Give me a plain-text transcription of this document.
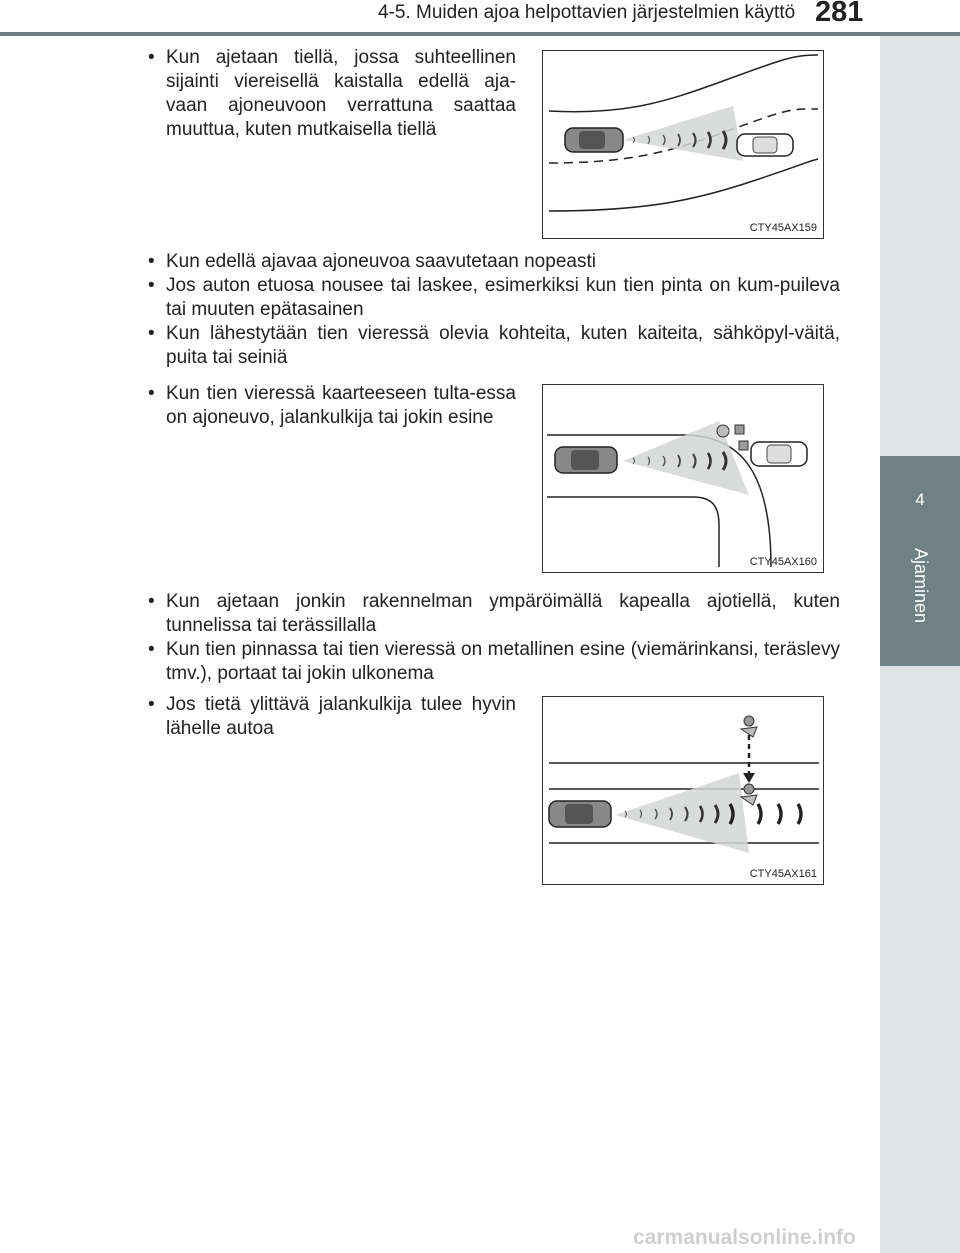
4-5. Muiden ajoa helpottavien järjestelmien käyttö 281
4
Ajaminen
• Kun ajetaan tiellä, jossa suhteellinen sijainti viereisellä kaistalla edellä aja-vaan ajoneuvoon verrattuna saattaa muuttua, kuten mutkaisella tiellä
CTY45AX159
• Kun edellä ajavaa ajoneuvoa saavutetaan nopeasti
• Jos auton etuosa nousee tai laskee, esimerkiksi kun tien pinta on kum-puileva tai muuten epätasainen
• Kun lähestytään tien vieressä olevia kohteita, kuten kaiteita, sähköpyl-väitä, puita tai seiniä
• Kun tien vieressä kaarteeseen tulta-essa on ajoneuvo, jalankulkija tai jokin esine
CTY45AX160
• Kun ajetaan jonkin rakennelman ympäröimällä kapealla ajotiellä, kuten tunnelissa tai terässillalla
• Kun tien pinnassa tai tien vieressä on metallinen esine (viemärinkansi, teräslevy tmv.), portaat tai jokin ulkonema
• Jos tietä ylittävä jalankulkija tulee hyvin lähelle autoa
CTY45AX161
carmanualsonline.info
